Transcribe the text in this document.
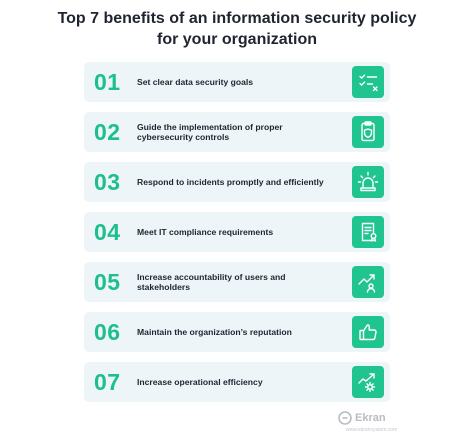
Top 7 benefits of an information security policy
for your organization
01	Set clear data security goals
02	Guide the implementation of proper cybersecurity controls
03	Respond to incidents promptly and efficiently
04	Meet IT compliance requirements
05	Increase accountability of users and stakeholders
06	Maintain the organization’s reputation
07	Increase operational efficiency
Ekran
www.ekransystem.com
